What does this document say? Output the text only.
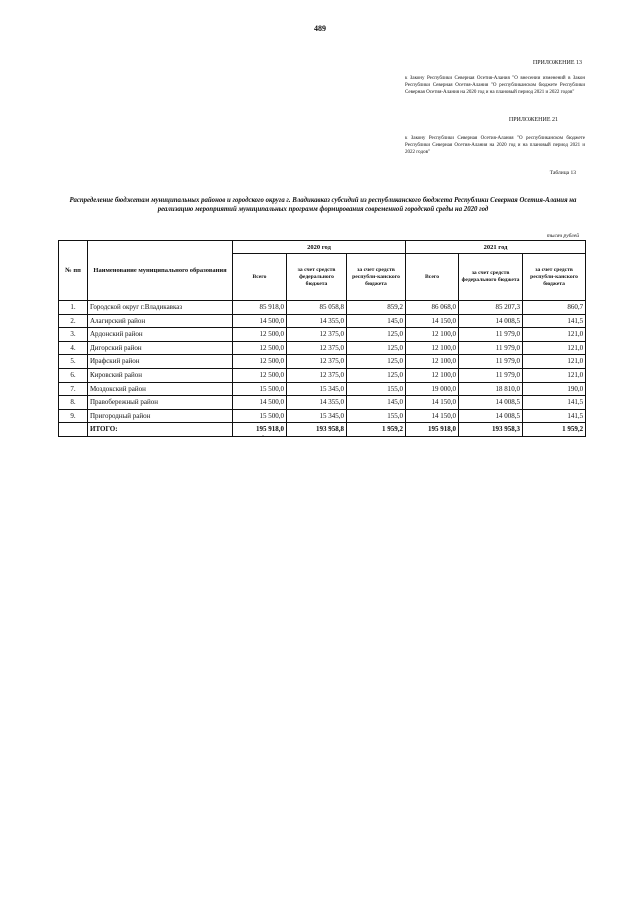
489
ПРИЛОЖЕНИЕ 13
к Закону Республики Северная Осетия-Алания "О внесении изменений в Закон Республики Северная Осетия-Алания "О республиканском бюджете Республики Северная Осетия-Алания на 2020 год и на плановый период 2021 и 2022 годов"
ПРИЛОЖЕНИЕ 21
к Закону Республики Северная Осетия-Алания "О республиканском бюджете Республики Северная Осетия-Алания на 2020 год и на плановый период 2021 и 2022 годов"
Таблица 13
Распределение бюджетам муниципальных районов и городского округа г. Владикавказ субсидий из республиканского бюджета Республики Северная Осетия-Алания на реализацию мероприятий муниципальных программ формирования современной городской среды на 2020 год
тысяч рублей
№ пп	Наименование муниципального образования	2020 год			2021 год		
		Всего	за счет средств федерального бюджета	за счет средств республи-канского бюджета	Всего	за счет средств федерального бюджета	за счет средств республи-канского бюджета
1.	Городской округ г.Владикавказ	85 918,0	85 058,8	859,2	86 068,0	85 207,3	860,7
2.	Алагирский район	14 500,0	14 355,0	145,0	14 150,0	14 008,5	141,5
3.	Ардонский район	12 500,0	12 375,0	125,0	12 100,0	11 979,0	121,0
4.	Дигорский район	12 500,0	12 375,0	125,0	12 100,0	11 979,0	121,0
5.	Ирафский район	12 500,0	12 375,0	125,0	12 100,0	11 979,0	121,0
6.	Кировский район	12 500,0	12 375,0	125,0	12 100,0	11 979,0	121,0
7.	Моздокский район	15 500,0	15 345,0	155,0	19 000,0	18 810,0	190,0
8.	Правобережный район	14 500,0	14 355,0	145,0	14 150,0	14 008,5	141,5
9.	Пригородный район	15 500,0	15 345,0	155,0	14 150,0	14 008,5	141,5
	ИТОГО:	195 918,0	193 958,8	1 959,2	195 918,0	193 958,3	1 959,2
-
